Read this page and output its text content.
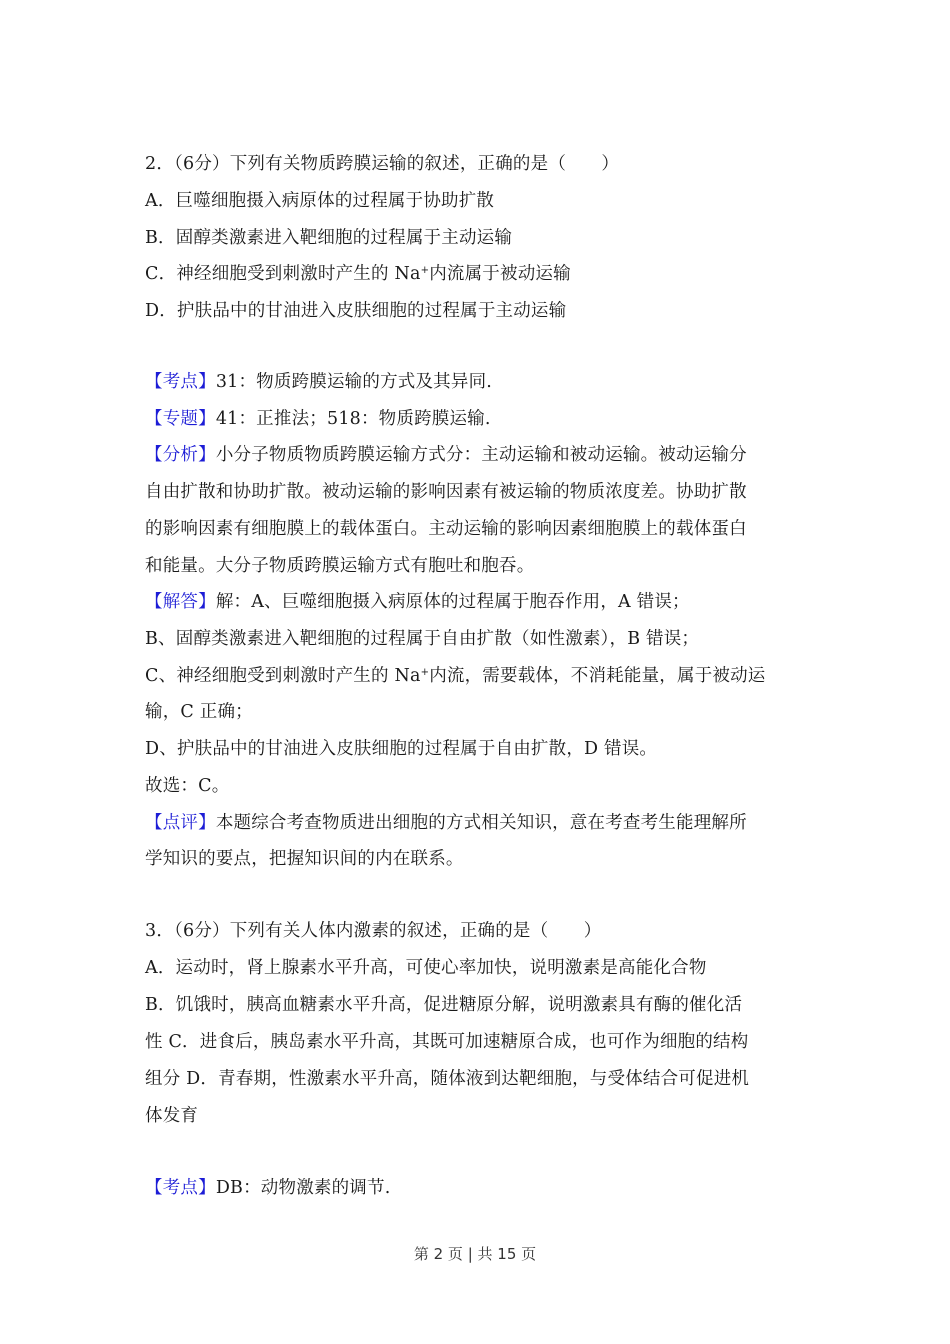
2．（6分）下列有关物质跨膜运输的叙述，正确的是（　　）
A．巨噬细胞摄入病原体的过程属于协助扩散
B．固醇类激素进入靶细胞的过程属于主动运输
C．神经细胞受到刺激时产生的 Na+内流属于被动运输
D．护肤品中的甘油进入皮肤细胞的过程属于主动运输
【考点】31：物质跨膜运输的方式及其异同.
【专题】41：正推法；518：物质跨膜运输.
【分析】小分子物质物质跨膜运输方式分：主动运输和被动运输。被动运输分
自由扩散和协助扩散。被动运输的影响因素有被运输的物质浓度差。协助扩散
的影响因素有细胞膜上的载体蛋白。主动运输的影响因素细胞膜上的载体蛋白
和能量。大分子物质跨膜运输方式有胞吐和胞吞。
【解答】解：A、巨噬细胞摄入病原体的过程属于胞吞作用，A 错误；
B、固醇类激素进入靶细胞的过程属于自由扩散（如性激素），B 错误；
C、神经细胞受到刺激时产生的 Na+内流，需要载体，不消耗能量，属于被动运
输，C 正确；
D、护肤品中的甘油进入皮肤细胞的过程属于自由扩散，D 错误。
故选：C。
【点评】本题综合考查物质进出细胞的方式相关知识，意在考查考生能理解所
学知识的要点，把握知识间的内在联系。
3．（6分）下列有关人体内激素的叙述，正确的是（　　）
A．运动时，肾上腺素水平升高，可使心率加快，说明激素是高能化合物
B．饥饿时，胰高血糖素水平升高，促进糖原分解，说明激素具有酶的催化活
性 C．进食后，胰岛素水平升高，其既可加速糖原合成，也可作为细胞的结构
组分 D．青春期，性激素水平升高，随体液到达靶细胞，与受体结合可促进机
体发育
【考点】DB：动物激素的调节.
第 2 页 | 共 15 页
